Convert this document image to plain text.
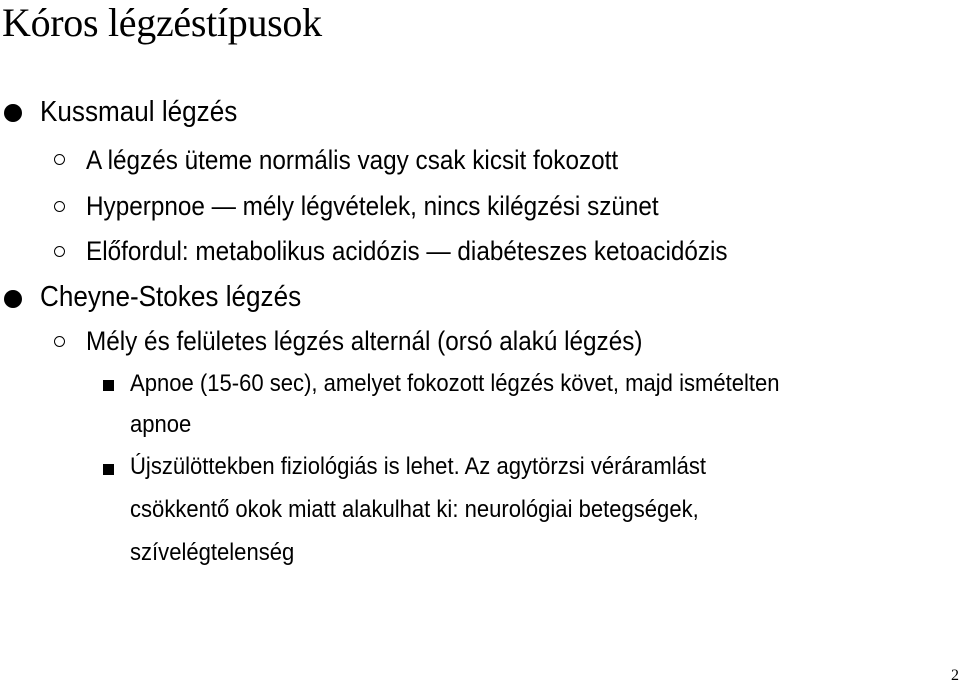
Kóros légzéstípusok
Kussmaul légzés
A légzés üteme normális vagy csak kicsit fokozott
Hyperpnoe — mély légvételek, nincs kilégzési szünet
Előfordul: metabolikus acidózis — diabéteszes ketoacidózis
Cheyne-Stokes légzés
Mély és felületes légzés alternál (orsó alakú légzés)
Apnoe (15-60 sec), amelyet fokozott légzés követ, majd ismételten
apnoe
Újszülöttekben fiziológiás is lehet. Az agytörzsi véráramlást
csökkentő okok miatt alakulhat ki: neurológiai betegségek,
szívelégtelenség
2
